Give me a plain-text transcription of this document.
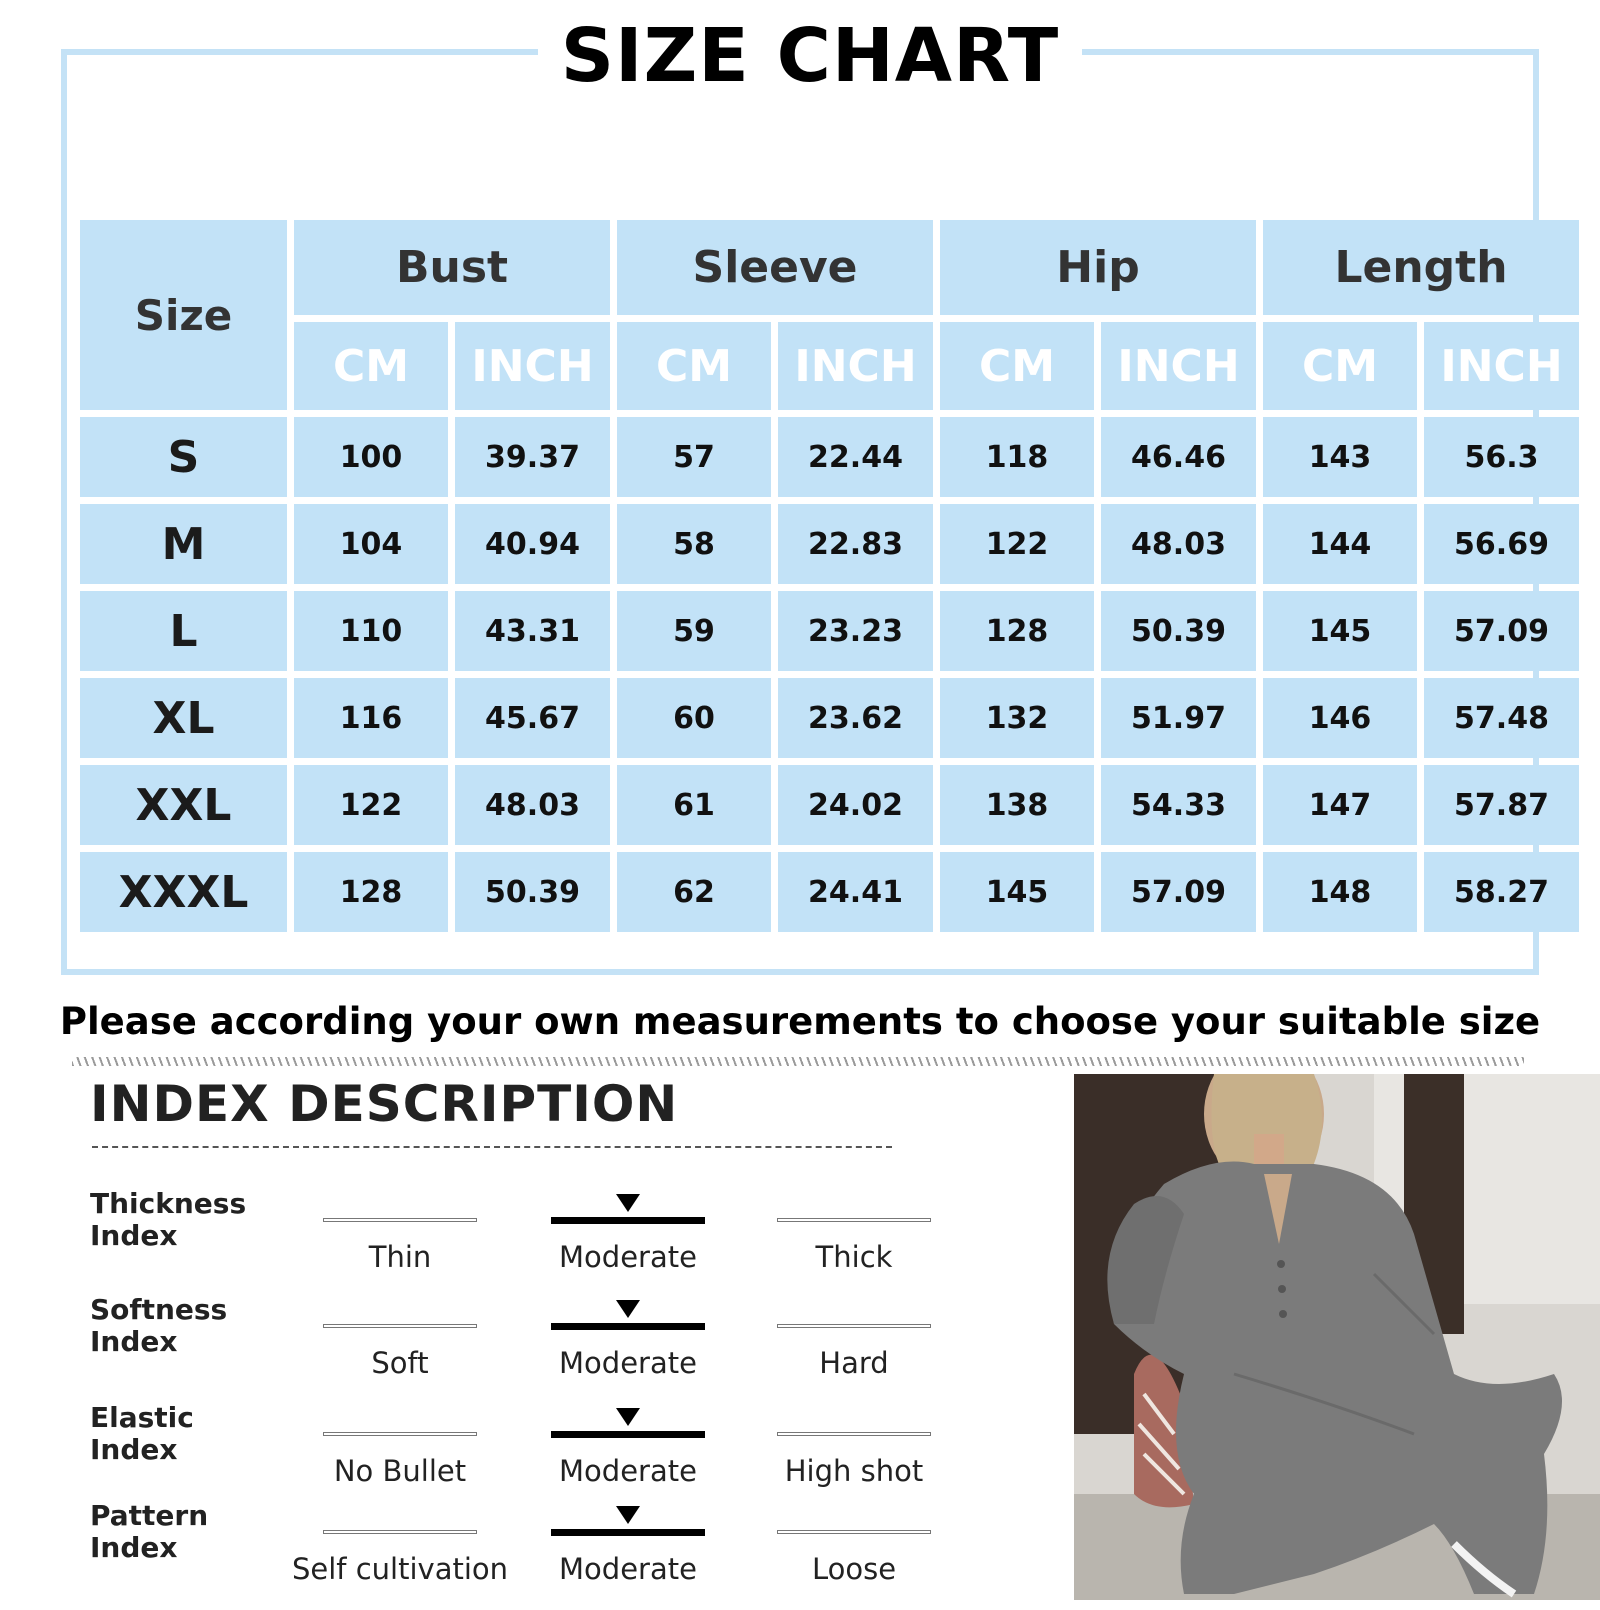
SIZE CHART
Size
Bust	Sleeve	Hip	Length
CM	INCH	CM	INCH	CM	INCH	CM	INCH
S	100	39.37	57	22.44	118	46.46	143	56.3
M	104	40.94	58	22.83	122	48.03	144	56.69
L	110	43.31	59	23.23	128	50.39	145	57.09
XL	116	45.67	60	23.62	132	51.97	146	57.48
XXL	122	48.03	61	24.02	138	54.33	147	57.87
XXXL	128	50.39	62	24.41	145	57.09	148	58.27
Please according your own measurements to choose your suitable size
INDEX DESCRIPTION
Thickness
Index
Thin	Moderate	Thick
Softness
Index
Soft	Moderate	Hard
Elastic
Index
No Bullet	Moderate	High shot
Pattern
Index
Self cultivation	Moderate	Loose
